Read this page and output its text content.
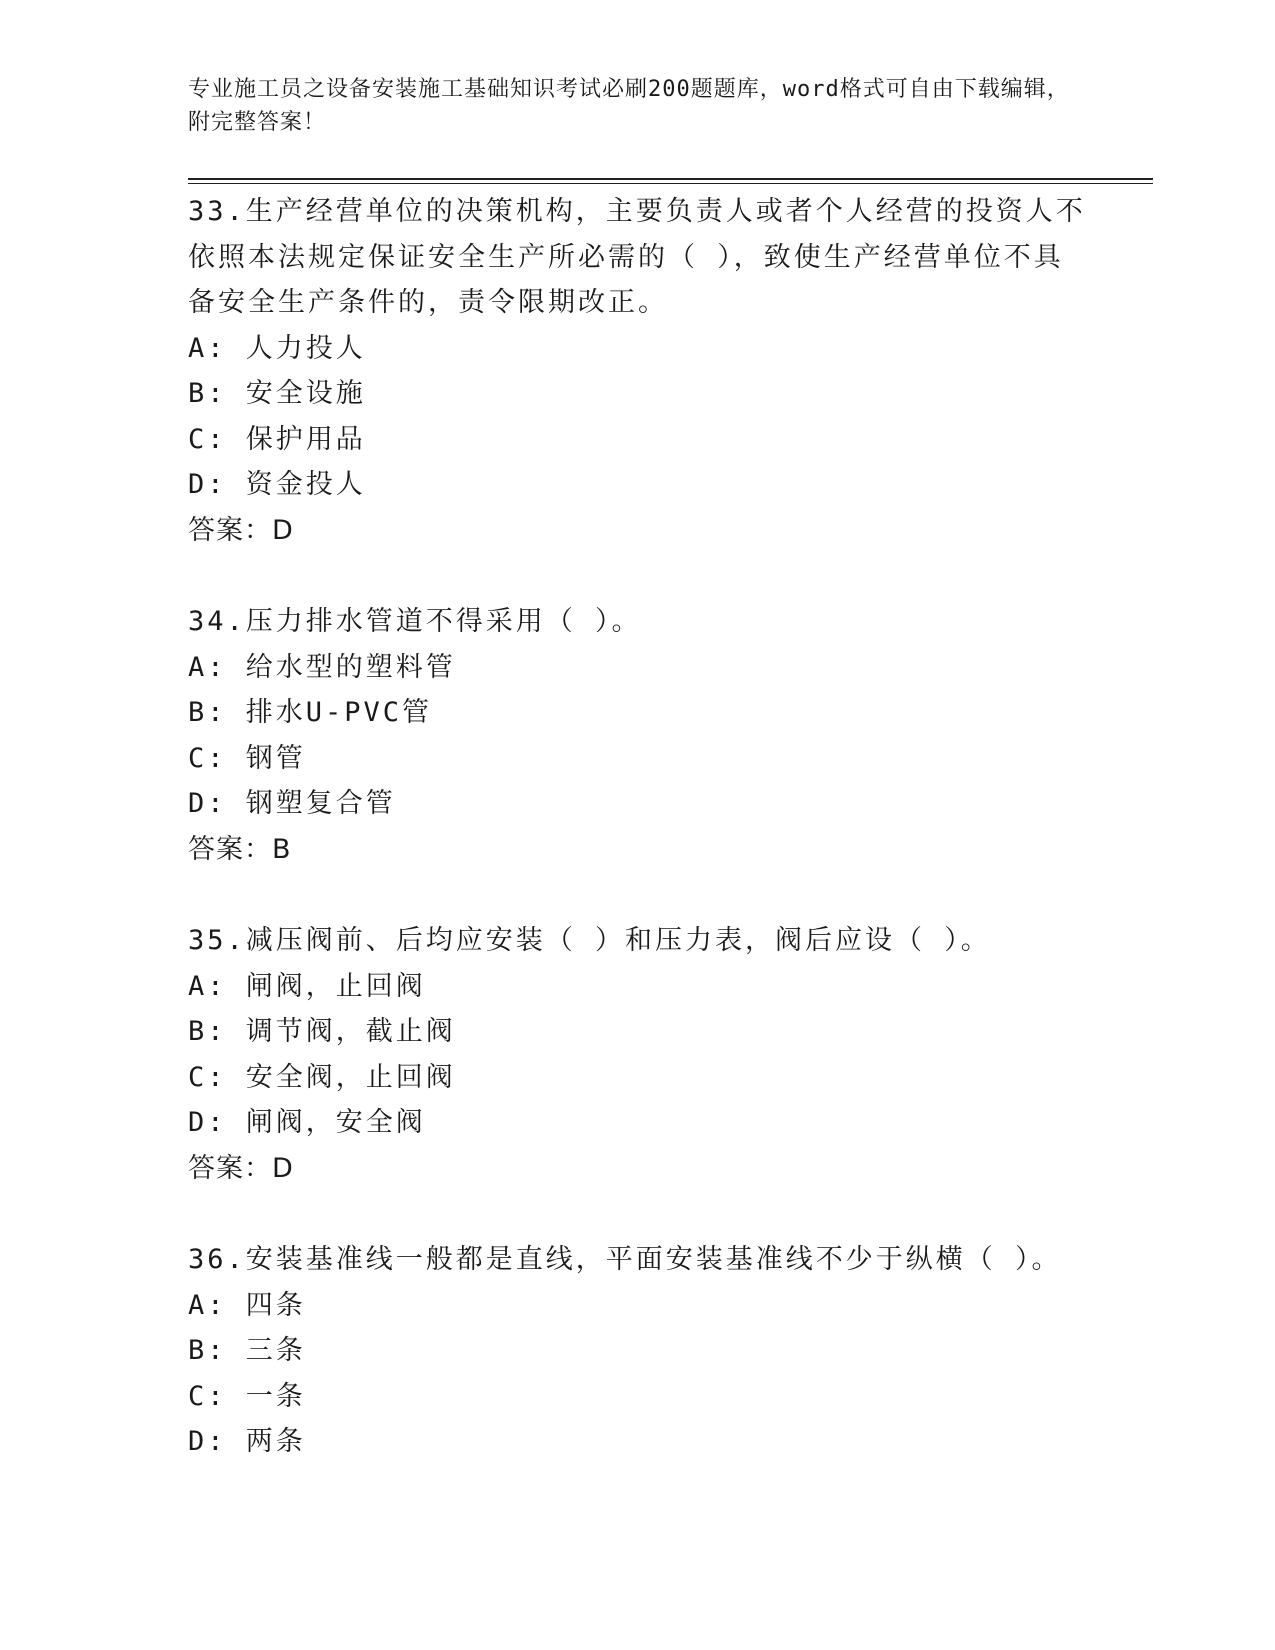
专业施工员之设备安装施工基础知识考试必刷200题题库，word格式可自由下载编辑，附完整答案！
33.生产经营单位的决策机构，主要负责人或者个人经营的投资人不依照本法规定保证安全生产所必需的（ ），致使生产经营单位不具备安全生产条件的，责令限期改正。
A: 人力投人
B: 安全设施
C: 保护用品
D: 资金投人
答案：D
34.压力排水管道不得采用（ ）。
A: 给水型的塑料管
B: 排水U-PVC管
C: 钢管
D: 钢塑复合管
答案：B
35.减压阀前、后均应安装（ ）和压力表，阀后应设（ ）。
A: 闸阀，止回阀
B: 调节阀，截止阀
C: 安全阀，止回阀
D: 闸阀，安全阀
答案：D
36.安装基准线一般都是直线，平面安装基准线不少于纵横（ ）。
A: 四条
B: 三条
C: 一条
D: 两条
